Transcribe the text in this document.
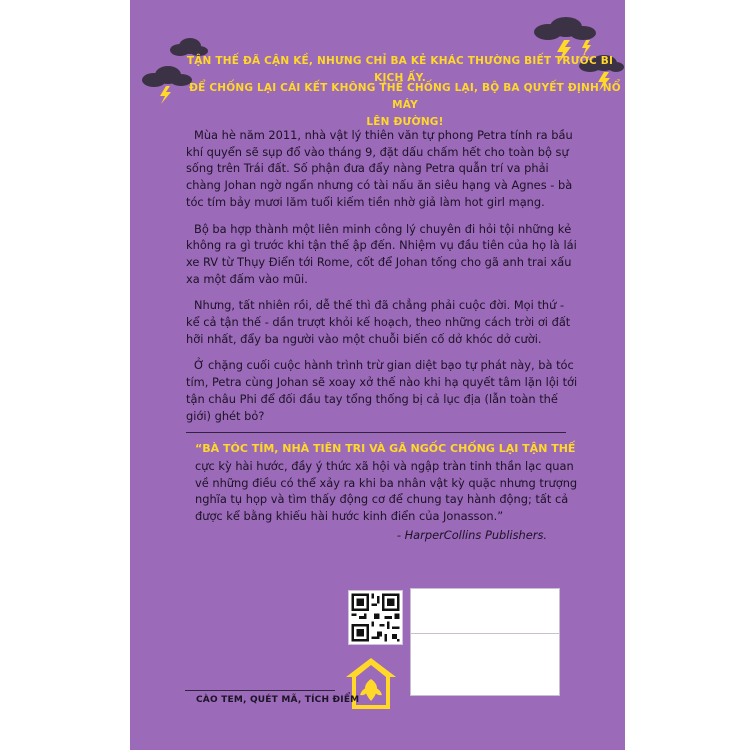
TẬN THẾ ĐÃ CẬN KỀ, NHƯNG CHỈ BA KẺ KHÁC THƯỜNG BIẾT TRƯỚC BI KỊCH ẤY.
ĐỂ CHỐNG LẠI CÁI KẾT KHÔNG THỂ CHỐNG LẠI, BỘ BA QUYẾT ĐỊNH NỔ MÁY
LÊN ĐƯỜNG!

Mùa hè năm 2011, nhà vật lý thiên văn tự phong Petra tính ra bầu khí quyển sẽ sụp đổ vào tháng 9, đặt dấu chấm hết cho toàn bộ sự sống trên Trái đất. Số phận đưa đẩy nàng Petra quẫn trí va phải chàng Johan ngờ ngẩn nhưng có tài nấu ăn siêu hạng và Agnes - bà tóc tím bảy mươi lăm tuổi kiếm tiền nhờ giả làm hot girl mạng.

Bộ ba hợp thành một liên minh công lý chuyên đi hỏi tội những kẻ không ra gì trước khi tận thế ập đến. Nhiệm vụ đầu tiên của họ là lái xe RV từ Thụy Điển tới Rome, cốt để Johan tống cho gã anh trai xấu xa một đấm vào mũi.

Nhưng, tất nhiên rồi, dễ thế thì đã chẳng phải cuộc đời. Mọi thứ - kể cả tận thế - dần trượt khỏi kế hoạch, theo những cách trời ơi đất hỡi nhất, đẩy ba người vào một chuỗi biến cố dở khóc dở cười.

Ở chặng cuối cuộc hành trình trừ gian diệt bạo tự phát này, bà tóc tím, Petra cùng Johan sẽ xoay xở thế nào khi hạ quyết tâm lặn lội tới tận châu Phi để đối đầu tay tổng thống bị cả lục địa (lẫn toàn thế giới) ghét bỏ?

“BÀ TÓC TÍM, NHÀ TIÊN TRI VÀ GÃ NGỐC CHỐNG LẠI TẬN THẾ cực kỳ hài hước, đầy ý thức xã hội và ngập tràn tinh thần lạc quan về những điều có thể xảy ra khi ba nhân vật kỳ quặc nhưng trượng nghĩa tụ họp và tìm thấy động cơ để chung tay hành động; tất cả được kể bằng khiếu hài hước kinh điển của Jonasson.”
- HarperCollins Publishers.
CÀO TEM, QUÉT MÃ, TÍCH ĐIỂM
